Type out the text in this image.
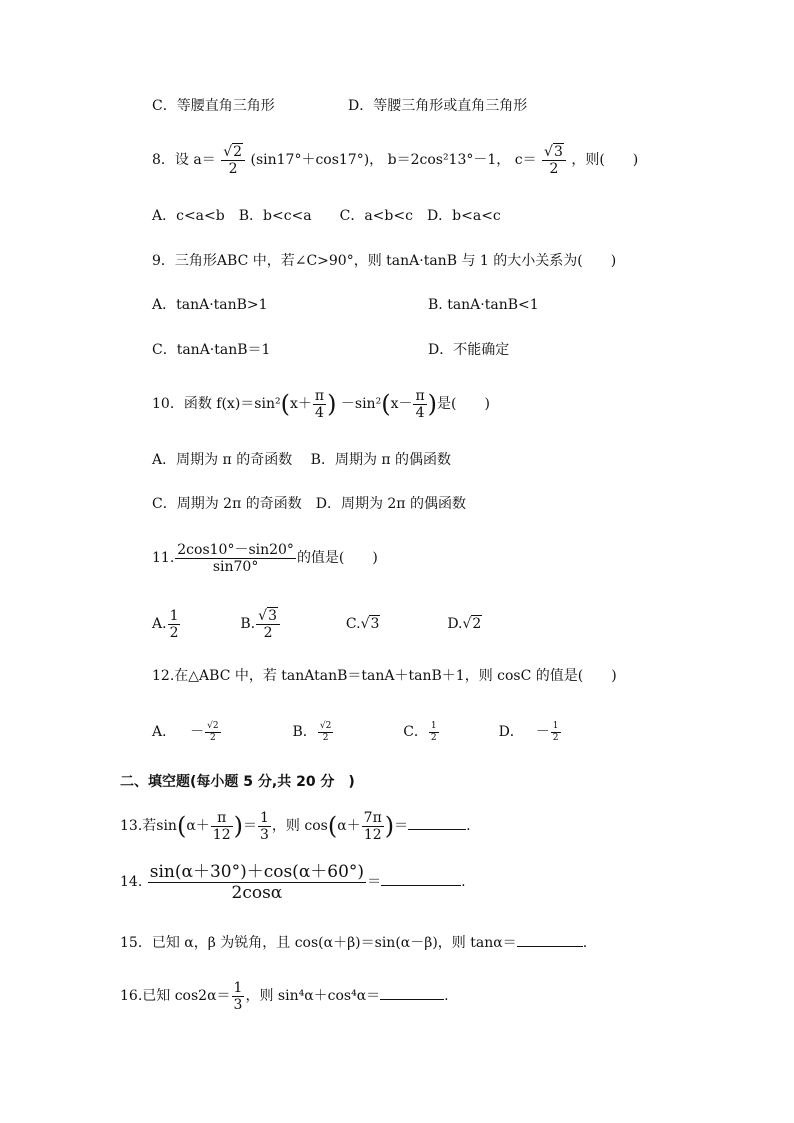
C．等腰直角三角形	D．等腰三角形或直角三角形
8．设 $a= \frac{√2}{2} (\sin 17^\circ+\cos 17^\circ)$， b＝2cos²13°－1， $c= \frac{√3}{2}$ ，则(　　)
A．c<a<b　B．b<c<a　　C．a<b<c　D．b<a<c
9．三角形ABC 中，若∠C>90°，则 tanA·tanB 与 1 的大小关系为(　　)
A．tanA·tanB>1	B. tanA·tanB<1
C．tanA·tanB＝1	D．不能确定
10．函数 $f(x)=\sin^2(x+ \frac{\pi}{4}$ ) $-\sin^2(x- \frac{\pi}{4}$ )是(　　)
A．周期为 π 的奇函数　 B．周期为 π 的偶函数
C．周期为 2π 的奇函数　D．周期为 2π 的偶函数
11. $\frac{2\cos 10^\circ-\sin 20^\circ}{\sin 70^\circ}$ 的值是(　　)
A. $\frac{1}{2}$	B. $\frac{√3}{2}$	C.√3	D.√2
12.在△ABC 中，若 tanAtanB＝tanA＋tanB＋1，则 cosC 的值是(　　)
A． － $\frac{√2}{2}$	B． $\frac{√2}{2}$	C． $\frac{1}{2}$	D． － $\frac{1}{2}$
二、填空题(每小题 5 分,共 20 分　)
13.若$\sin(\alpha+ \frac{\pi}{12}$ )＝ $\frac{1}{3}$ ，则 $\cos(\alpha+ \frac{7\pi}{12}$ )＝	.
14. $\frac{\sin(\alpha+30^\circ)+\cos(\alpha+60^\circ)}{2\cos\alpha}$ ＝	.
15．已知 α，β 为锐角，且 cos(α＋β)＝sin(α－β)，则 tanα＝	.
16.已知 $\cos 2\alpha= \frac{1}{3}$ ，则 sin⁴α＋cos⁴α＝	.
